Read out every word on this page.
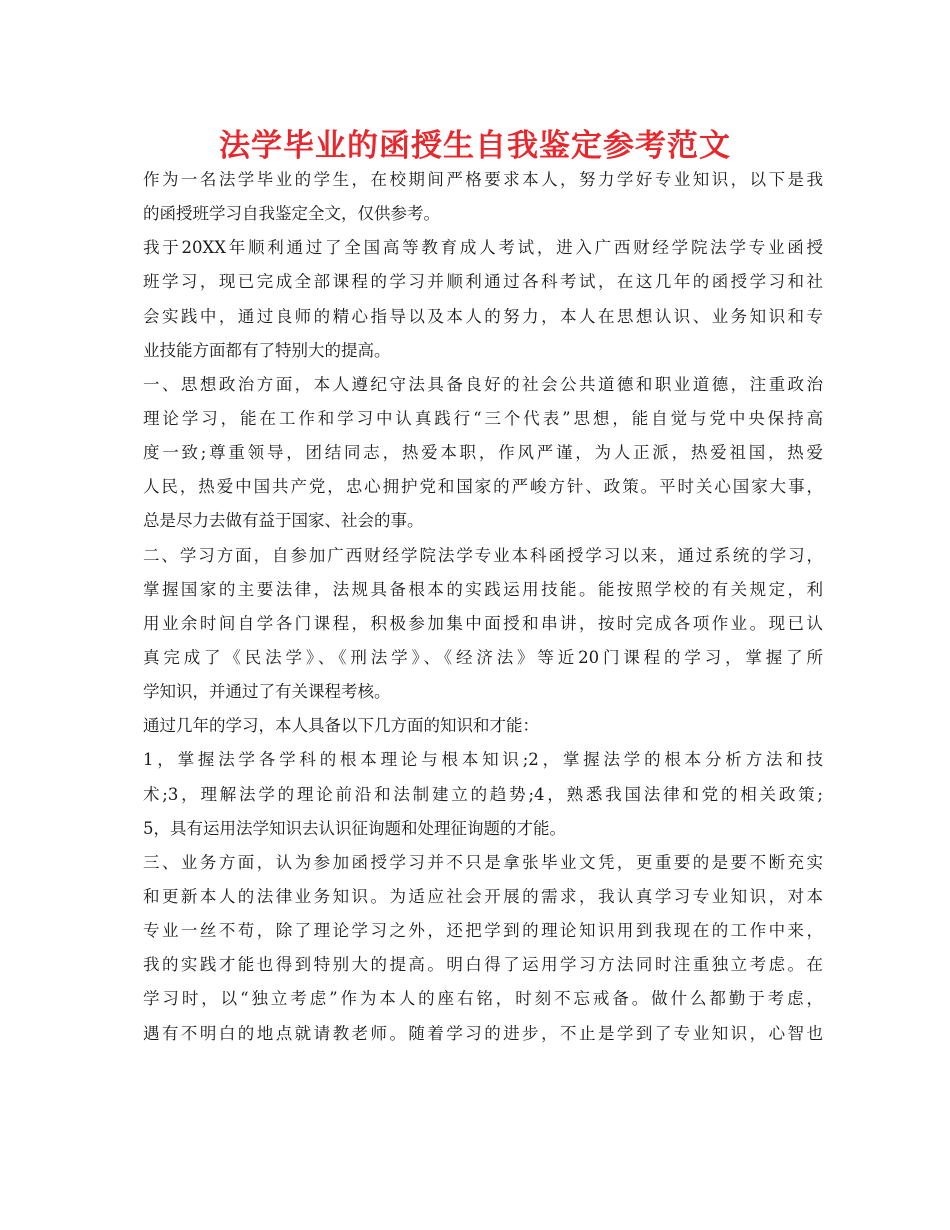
法学毕业的函授生自我鉴定参考范文
作为一名法学毕业的学生，在校期间严格要求本人，努力学好专业知识，以下是我
的函授班学习自我鉴定全文，仅供参考。
我于20XX年顺利通过了全国高等教育成人考试，进入广西财经学院法学专业函授
班学习，现已完成全部课程的学习并顺利通过各科考试，在这几年的函授学习和社
会实践中，通过良师的精心指导以及本人的努力，本人在思想认识、业务知识和专
业技能方面都有了特别大的提高。
一、思想政治方面，本人遵纪守法具备良好的社会公共道德和职业道德，注重政治
理论学习，能在工作和学习中认真践行“三个代表”思想，能自觉与党中央保持高
度一致;尊重领导，团结同志，热爱本职，作风严谨，为人正派，热爱祖国，热爱
人民，热爱中国共产党，忠心拥护党和国家的严峻方针、政策。平时关心国家大事，
总是尽力去做有益于国家、社会的事。
二、学习方面，自参加广西财经学院法学专业本科函授学习以来，通过系统的学习，
掌握国家的主要法律，法规具备根本的实践运用技能。能按照学校的有关规定，利
用业余时间自学各门课程，积极参加集中面授和串讲，按时完成各项作业。现已认
真完成了《民法学》、《刑法学》、《经济法》等近20门课程的学习，掌握了所
学知识，并通过了有关课程考核。
通过几年的学习，本人具备以下几方面的知识和才能：
1，掌握法学各学科的根本理论与根本知识;2，掌握法学的根本分析方法和技
术;3，理解法学的理论前沿和法制建立的趋势;4，熟悉我国法律和党的相关政策;
5，具有运用法学知识去认识征询题和处理征询题的才能。
三、业务方面，认为参加函授学习并不只是拿张毕业文凭，更重要的是要不断充实
和更新本人的法律业务知识。为适应社会开展的需求，我认真学习专业知识，对本
专业一丝不苟，除了理论学习之外，还把学到的理论知识用到我现在的工作中来，
我的实践才能也得到特别大的提高。明白得了运用学习方法同时注重独立考虑。在
学习时，以“独立考虑”作为本人的座右铭，时刻不忘戒备。做什么都勤于考虑，
遇有不明白的地点就请教老师。随着学习的进步，不止是学到了专业知识，心智也
